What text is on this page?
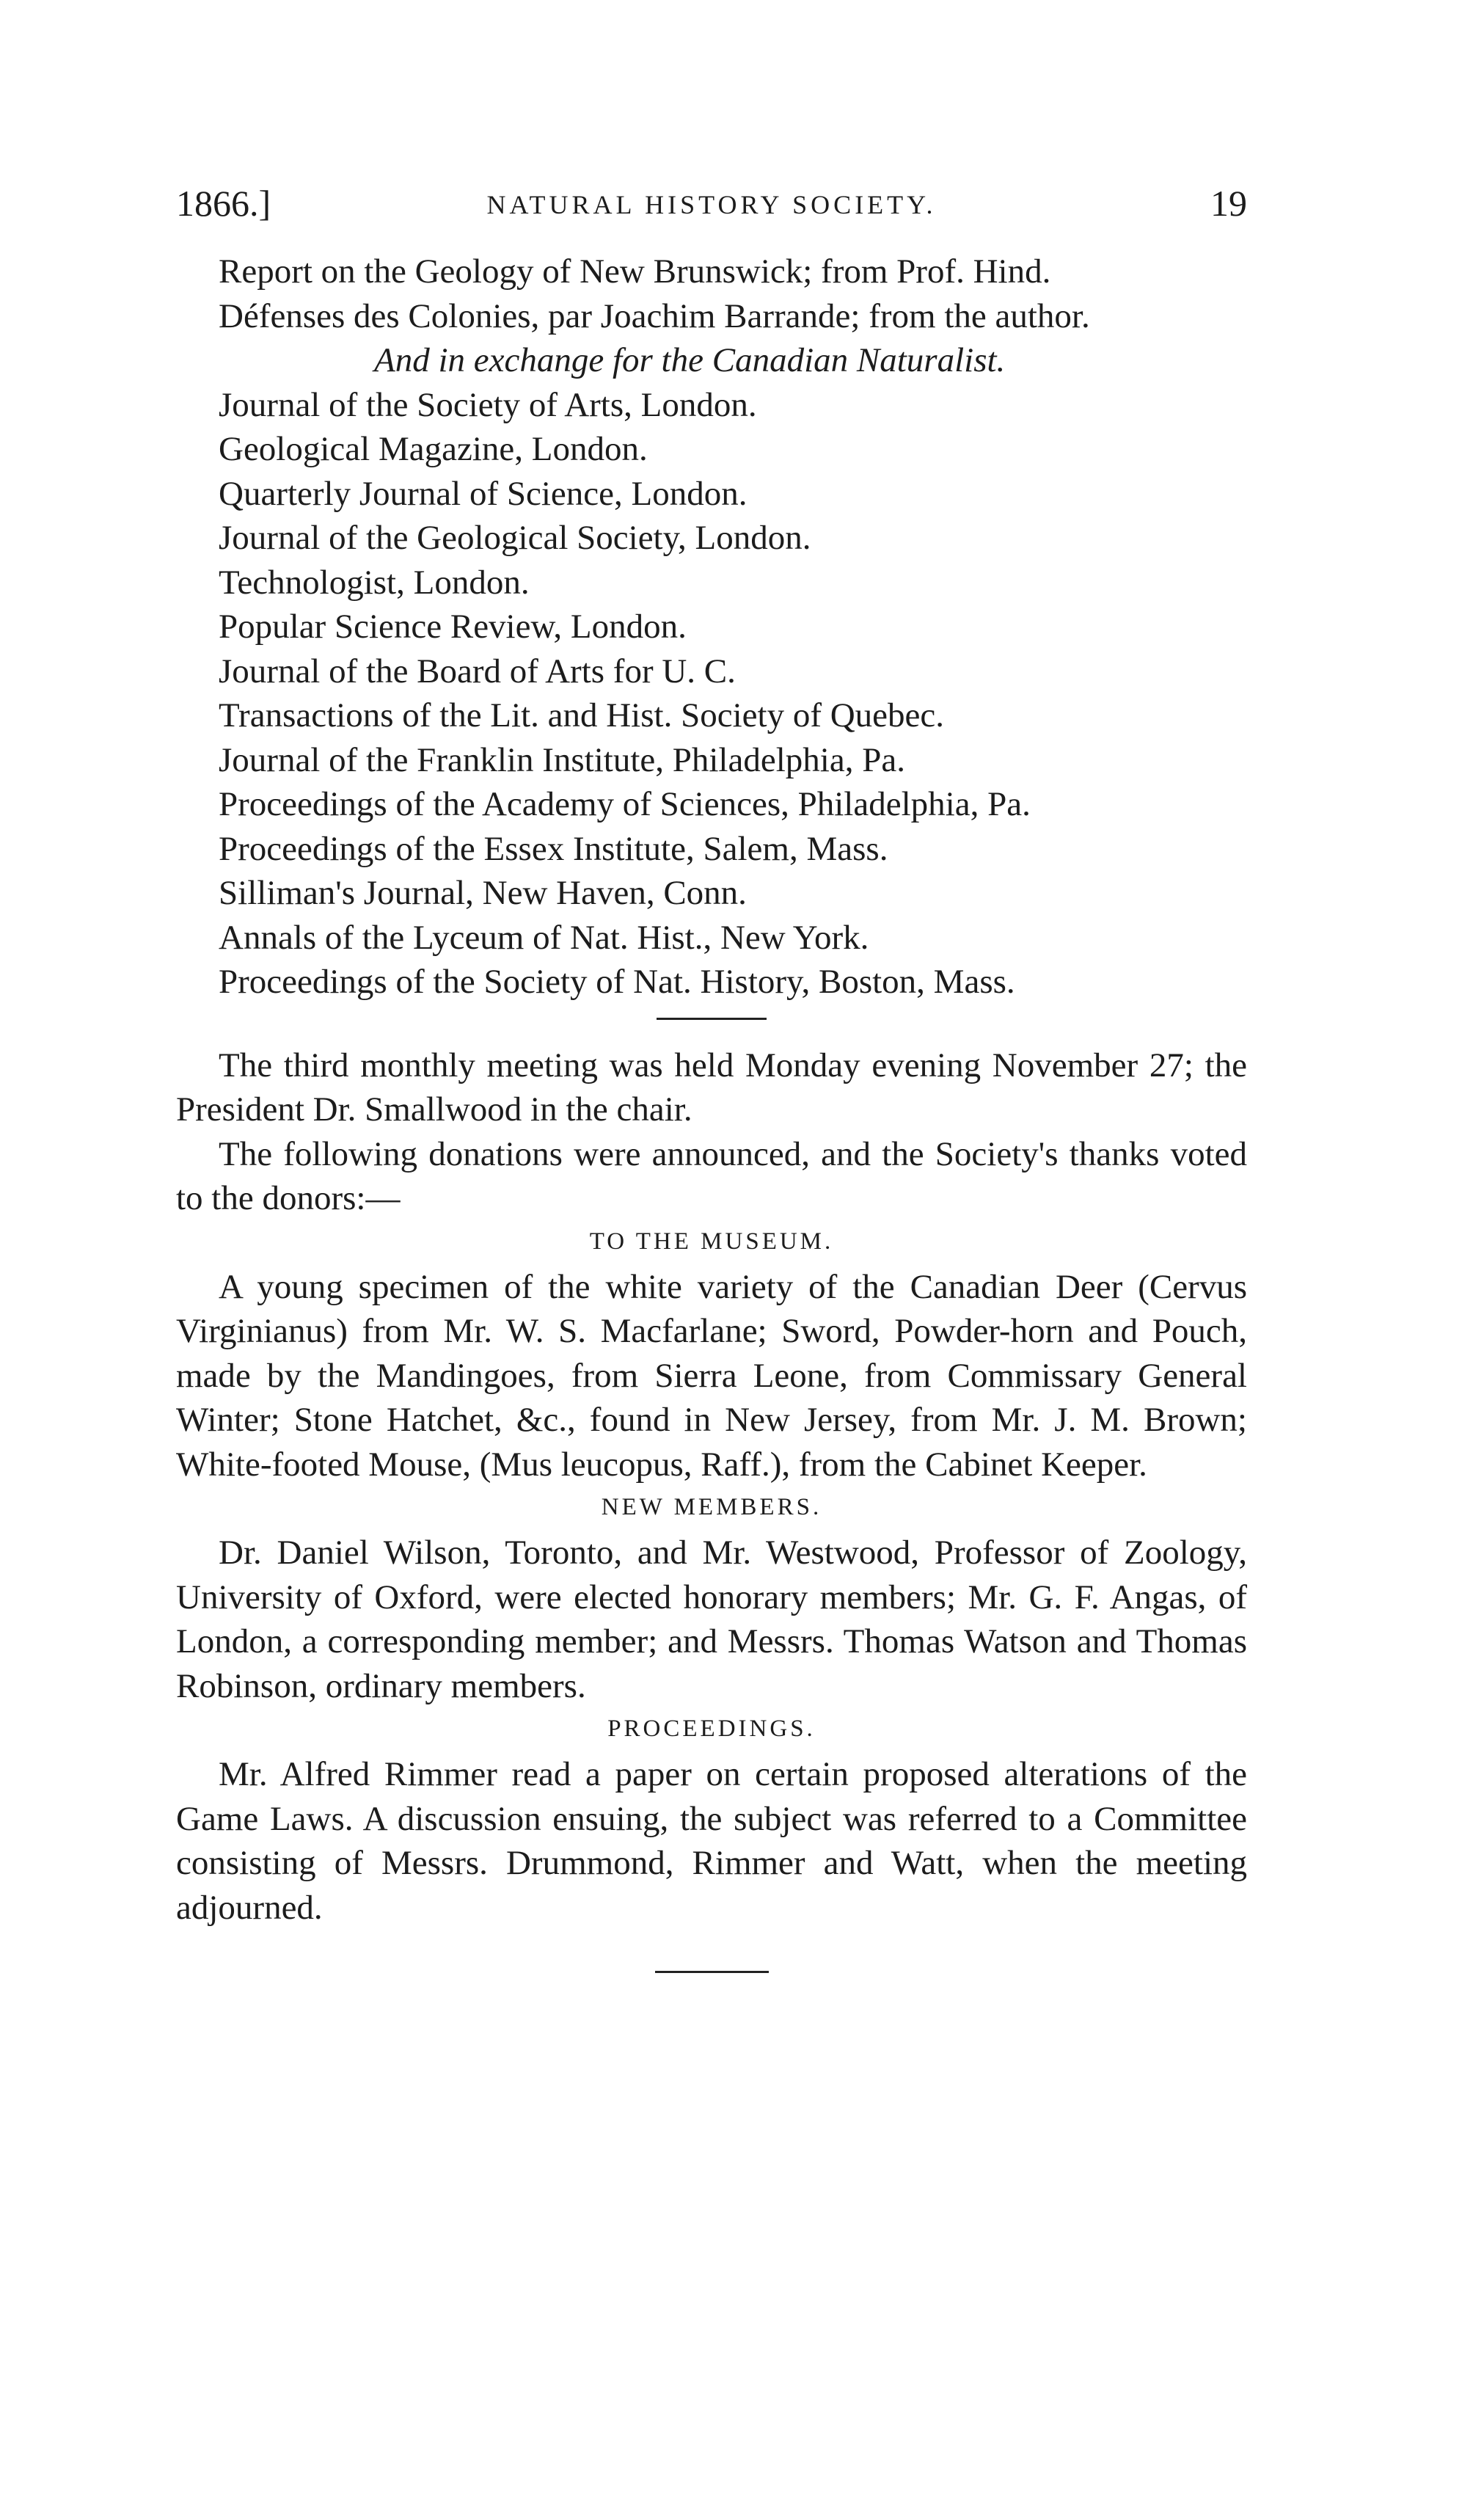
1866.]	NATURAL HISTORY SOCIETY.	19
Report on the Geology of New Brunswick; from Prof. Hind.
Défenses des Colonies, par Joachim Barrande; from the author.
And in exchange for the Canadian Naturalist.
Journal of the Society of Arts, London.
Geological Magazine, London.
Quarterly Journal of Science, London.
Journal of the Geological Society, London.
Technologist, London.
Popular Science Review, London.
Journal of the Board of Arts for U. C.
Transactions of the Lit. and Hist. Society of Quebec.
Journal of the Franklin Institute, Philadelphia, Pa.
Proceedings of the Academy of Sciences, Philadelphia, Pa.
Proceedings of the Essex Institute, Salem, Mass.
Silliman's Journal, New Haven, Conn.
Annals of the Lyceum of Nat. Hist., New York.
Proceedings of the Society of Nat. History, Boston, Mass.

The third monthly meeting was held Monday evening November 27; the President Dr. Smallwood in the chair.

The following donations were announced, and the Society's thanks voted to the donors:—

TO THE MUSEUM.

A young specimen of the white variety of the Canadian Deer (Cervus Virginianus) from Mr. W. S. Macfarlane; Sword, Powder-horn and Pouch, made by the Mandingoes, from Sierra Leone, from Commissary General Winter; Stone Hatchet, &c., found in New Jersey, from Mr. J. M. Brown; White-footed Mouse, (Mus leucopus, Raff.), from the Cabinet Keeper.

NEW MEMBERS.

Dr. Daniel Wilson, Toronto, and Mr. Westwood, Professor of Zoology, University of Oxford, were elected honorary members; Mr. G. F. Angas, of London, a corresponding member; and Messrs. Thomas Watson and Thomas Robinson, ordinary members.

PROCEEDINGS.

Mr. Alfred Rimmer read a paper on certain proposed alterations of the Game Laws. A discussion ensuing, the subject was referred to a Committee consisting of Messrs. Drummond, Rimmer and Watt, when the meeting adjourned.
